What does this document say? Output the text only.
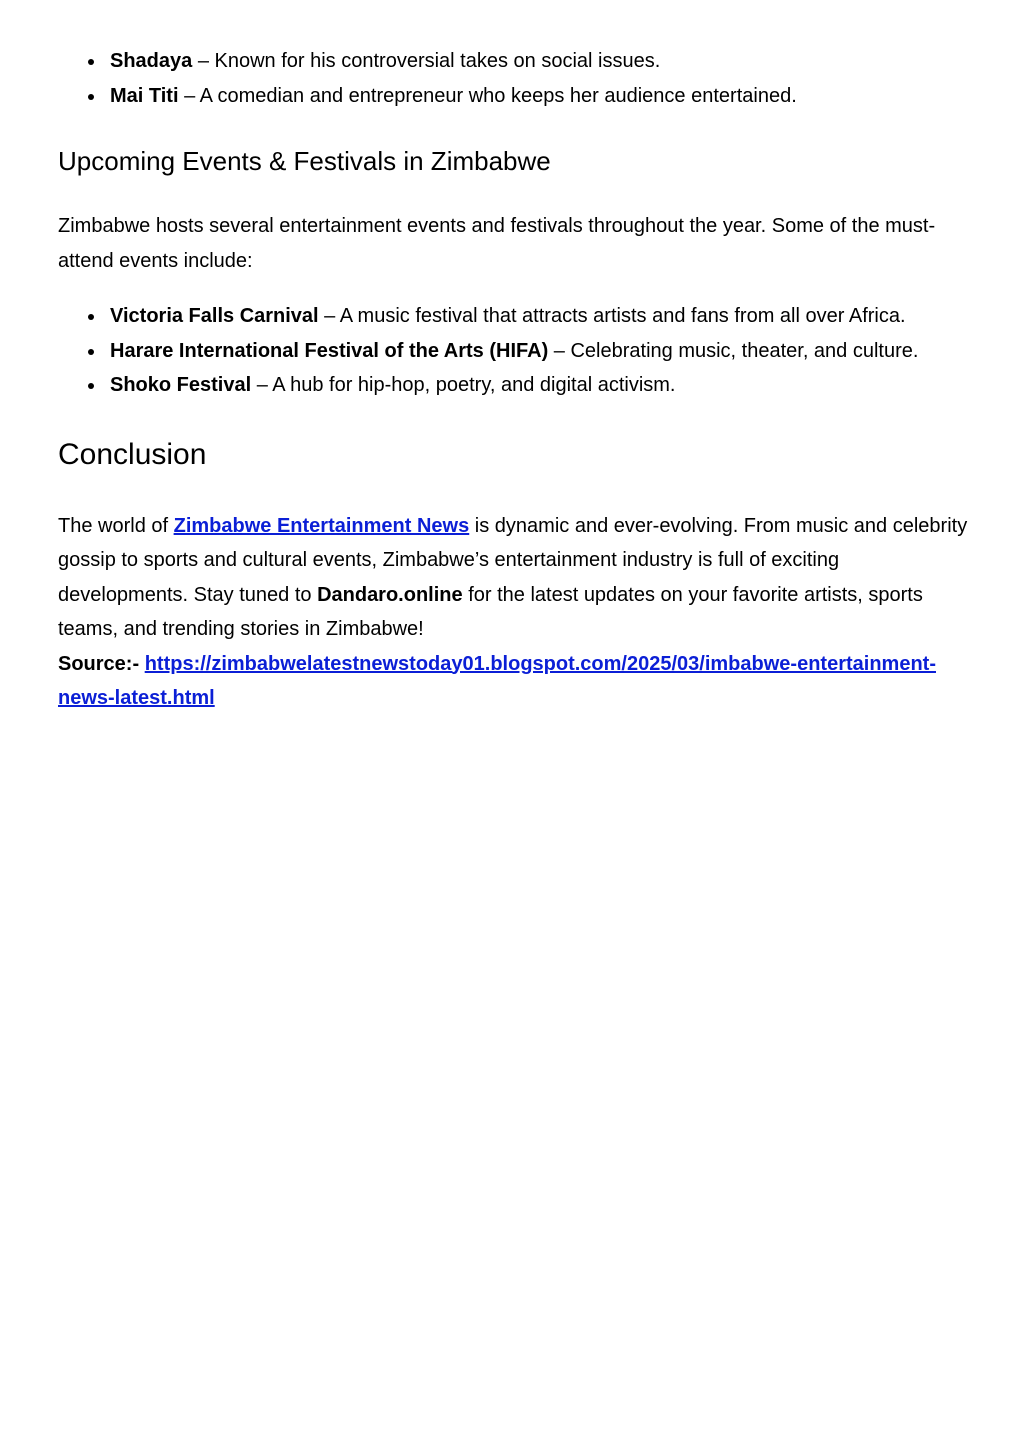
Shadaya – Known for his controversial takes on social issues.
Mai Titi – A comedian and entrepreneur who keeps her audience entertained.
Upcoming Events & Festivals in Zimbabwe

Zimbabwe hosts several entertainment events and festivals throughout the year. Some of the must-attend events include:

Victoria Falls Carnival – A music festival that attracts artists and fans from all over Africa.
Harare International Festival of the Arts (HIFA) – Celebrating music, theater, and culture.
Shoko Festival – A hub for hip-hop, poetry, and digital activism.
Conclusion

The world of Zimbabwe Entertainment News is dynamic and ever-evolving. From music and celebrity gossip to sports and cultural events, Zimbabwe’s entertainment industry is full of exciting developments. Stay tuned to Dandaro.online for the latest updates on your favorite artists, sports teams, and trending stories in Zimbabwe!
Source:- https://zimbabwelatestnewstoday01.blogspot.com/2025/03/imbabwe-entertainment-news-latest.html
